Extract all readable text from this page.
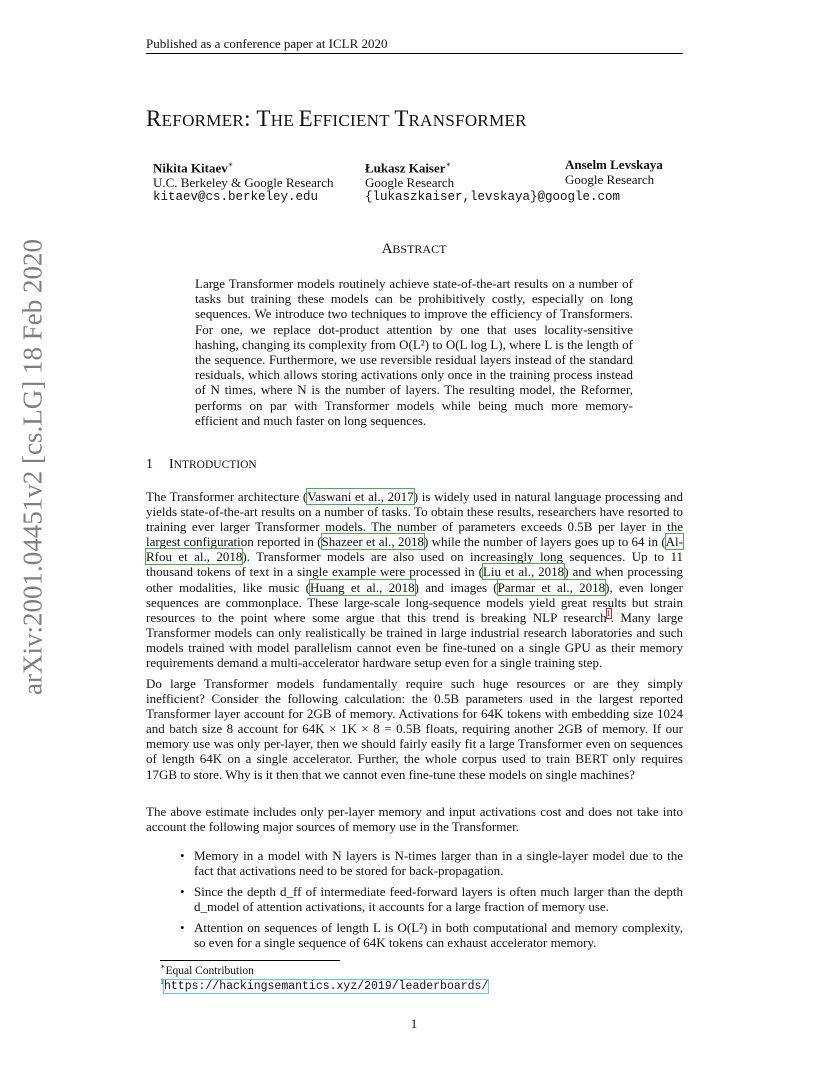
Published as a conference paper at ICLR 2020
arXiv:2001.04451v2 [cs.LG] 18 Feb 2020
REFORMER: THE EFFICIENT TRANSFORMER
Nikita Kitaev∗
U.C. Berkeley & Google Research
kitaev@cs.berkeley.edu
Łukasz Kaiser∗
Google Research
{lukaszkaiser,levskaya}@google.com
Anselm Levskaya
Google Research
ABSTRACT
Large Transformer models routinely achieve state-of-the-art results on a number of tasks but training these models can be prohibitively costly, especially on long sequences. We introduce two techniques to improve the efficiency of Transformers. For one, we replace dot-product attention by one that uses locality-sensitive hashing, changing its complexity from O(L²) to O(L log L), where L is the length of the sequence. Furthermore, we use reversible residual layers instead of the standard residuals, which allows storing activations only once in the training process instead of N times, where N is the number of layers. The resulting model, the Reformer, performs on par with Transformer models while being much more memory-efficient and much faster on long sequences.
1 INTRODUCTION

The Transformer architecture (Vaswani et al., 2017) is widely used in natural language processing and yields state-of-the-art results on a number of tasks. To obtain these results, researchers have resorted to training ever larger Transformer models. The number of parameters exceeds 0.5B per layer in the largest configuration reported in (Shazeer et al., 2018) while the number of layers goes up to 64 in (Al-Rfou et al., 2018). Transformer models are also used on increasingly long sequences. Up to 11 thousand tokens of text in a single example were processed in (Liu et al., 2018) and when processing other modalities, like music (Huang et al., 2018) and images (Parmar et al., 2018), even longer sequences are commonplace. These large-scale long-sequence models yield great results but strain resources to the point where some argue that this trend is breaking NLP research$^1$. Many large Transformer models can only realistically be trained in large industrial research laboratories and such models trained with model parallelism cannot even be fine-tuned on a single GPU as their memory requirements demand a multi-accelerator hardware setup even for a single training step.

Do large Transformer models fundamentally require such huge resources or are they simply inefficient? Consider the following calculation: the 0.5B parameters used in the largest reported Transformer layer account for 2GB of memory. Activations for 64K tokens with embedding size 1024 and batch size 8 account for 64K × 1K × 8 = 0.5B floats, requiring another 2GB of memory. If our memory use was only per-layer, then we should fairly easily fit a large Transformer even on sequences of length 64K on a single accelerator. Further, the whole corpus used to train BERT only requires 17GB to store. Why is it then that we cannot even fine-tune these models on single machines?
The above estimate includes only per-layer memory and input activations cost and does not take into account the following major sources of memory use in the Transformer.
• Memory in a model with N layers is N-times larger than in a single-layer model due to the fact that activations need to be stored for back-propagation.
• Since the depth d_ff of intermediate feed-forward layers is often much larger than the depth d_model of attention activations, it accounts for a large fraction of memory use.
• Attention on sequences of length L is O(L²) in both computational and memory complexity, so even for a single sequence of 64K tokens can exhaust accelerator memory.
∗Equal Contribution
$^1$https://hackingsemantics.xyz/2019/leaderboards/
1
